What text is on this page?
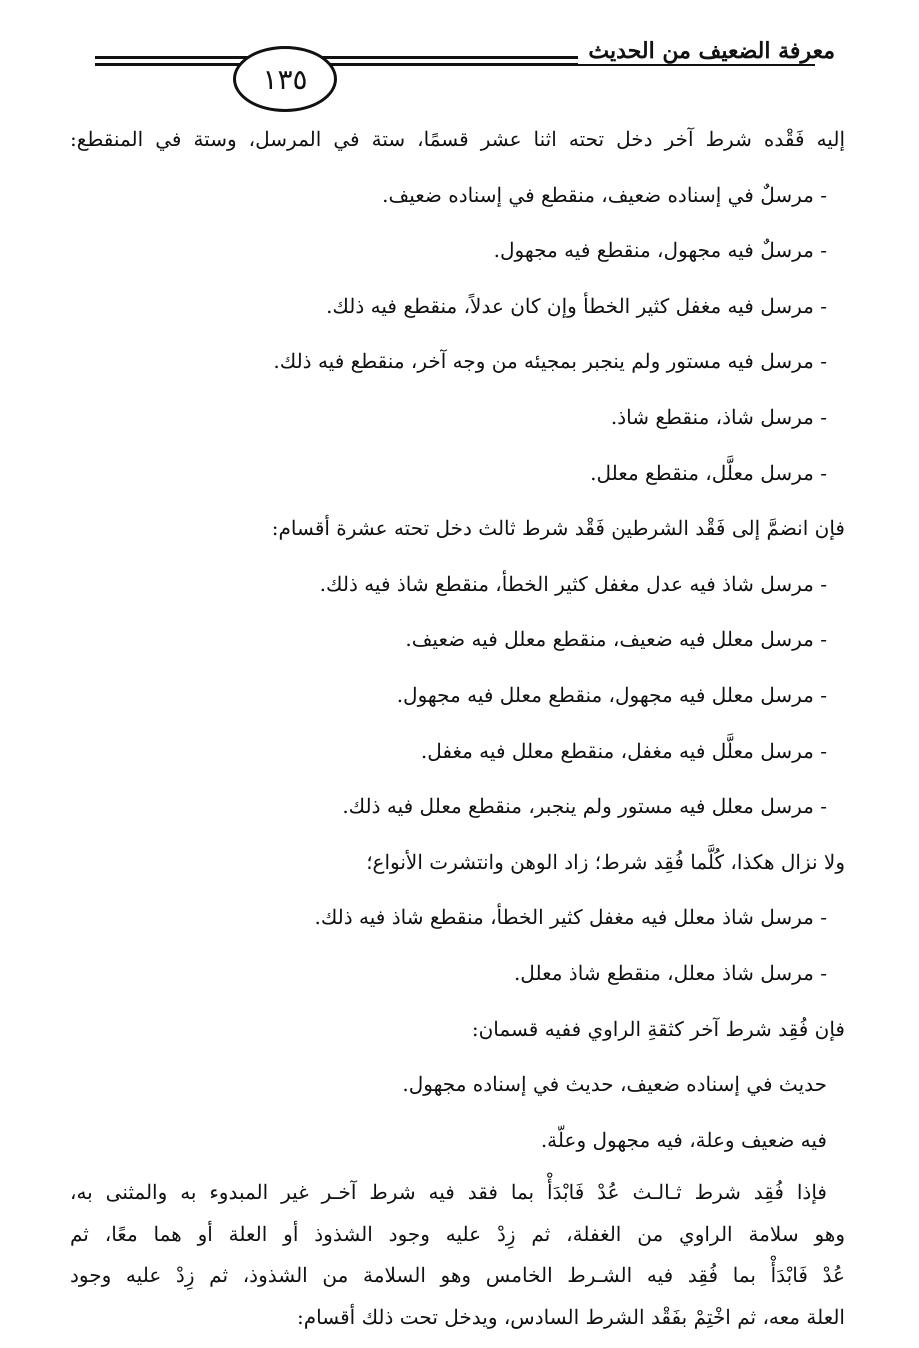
١٣٥
معرفة الضعيف من الحديث
إليه فَقْده شرط آخر دخل تحته اثنا عشر قسمًا، ستة في المرسل، وستة في المنقطع:
- مرسلٌ في إسناده ضعيف، منقطع في إسناده ضعيف.
- مرسلٌ فيه مجهول، منقطع فيه مجهول.
- مرسل فيه مغفل كثير الخطأ وإن كان عدلاً، منقطع فيه ذلك.
- مرسل فيه مستور ولم ينجبر بمجيئه من وجه آخر، منقطع فيه ذلك.
- مرسل شاذ، منقطع شاذ.
- مرسل معلَّل، منقطع معلل.
فإن انضمَّ إلى فَقْد الشرطين فَقْد شرط ثالث دخل تحته عشرة أقسام:
- مرسل شاذ فيه عدل مغفل كثير الخطأ، منقطع شاذ فيه ذلك.
- مرسل معلل فيه ضعيف، منقطع معلل فيه ضعيف.
- مرسل معلل فيه مجهول، منقطع معلل فيه مجهول.
- مرسل معلَّل فيه مغفل، منقطع معلل فيه مغفل.
- مرسل معلل فيه مستور ولم ينجبر، منقطع معلل فيه ذلك.
ولا نزال هكذا، كُلَّما فُقِد شرط؛ زاد الوهن وانتشرت الأنواع؛
- مرسل شاذ معلل فيه مغفل كثير الخطأ، منقطع شاذ فيه ذلك.
- مرسل شاذ معلل، منقطع شاذ معلل.
فإن فُقِد شرط آخر كثقةِ الراوي ففيه قسمان:
حديث في إسناده ضعيف، حديث في إسناده مجهول.
فيه ضعيف وعلة، فيه مجهول وعلّة.
فإذا فُقِد شرط ثـالـث عُدْ فَابْدَأْ بما فقد فيه شرط آخـر غير المبدوء به والمثنى به،
وهو سلامة الراوي من الغفلة، ثم زِدْ عليه وجود الشذوذ أو العلة أو هما معًا، ثم
عُدْ فَابْدَأْ بما فُقِد فيه الشـرط الخامس وهو السلامة من الشذوذ، ثم زِدْ عليه وجود
العلة معه، ثم اخْتِمْ بفَقْد الشرط السادس، ويدخل تحت ذلك أقسام:
